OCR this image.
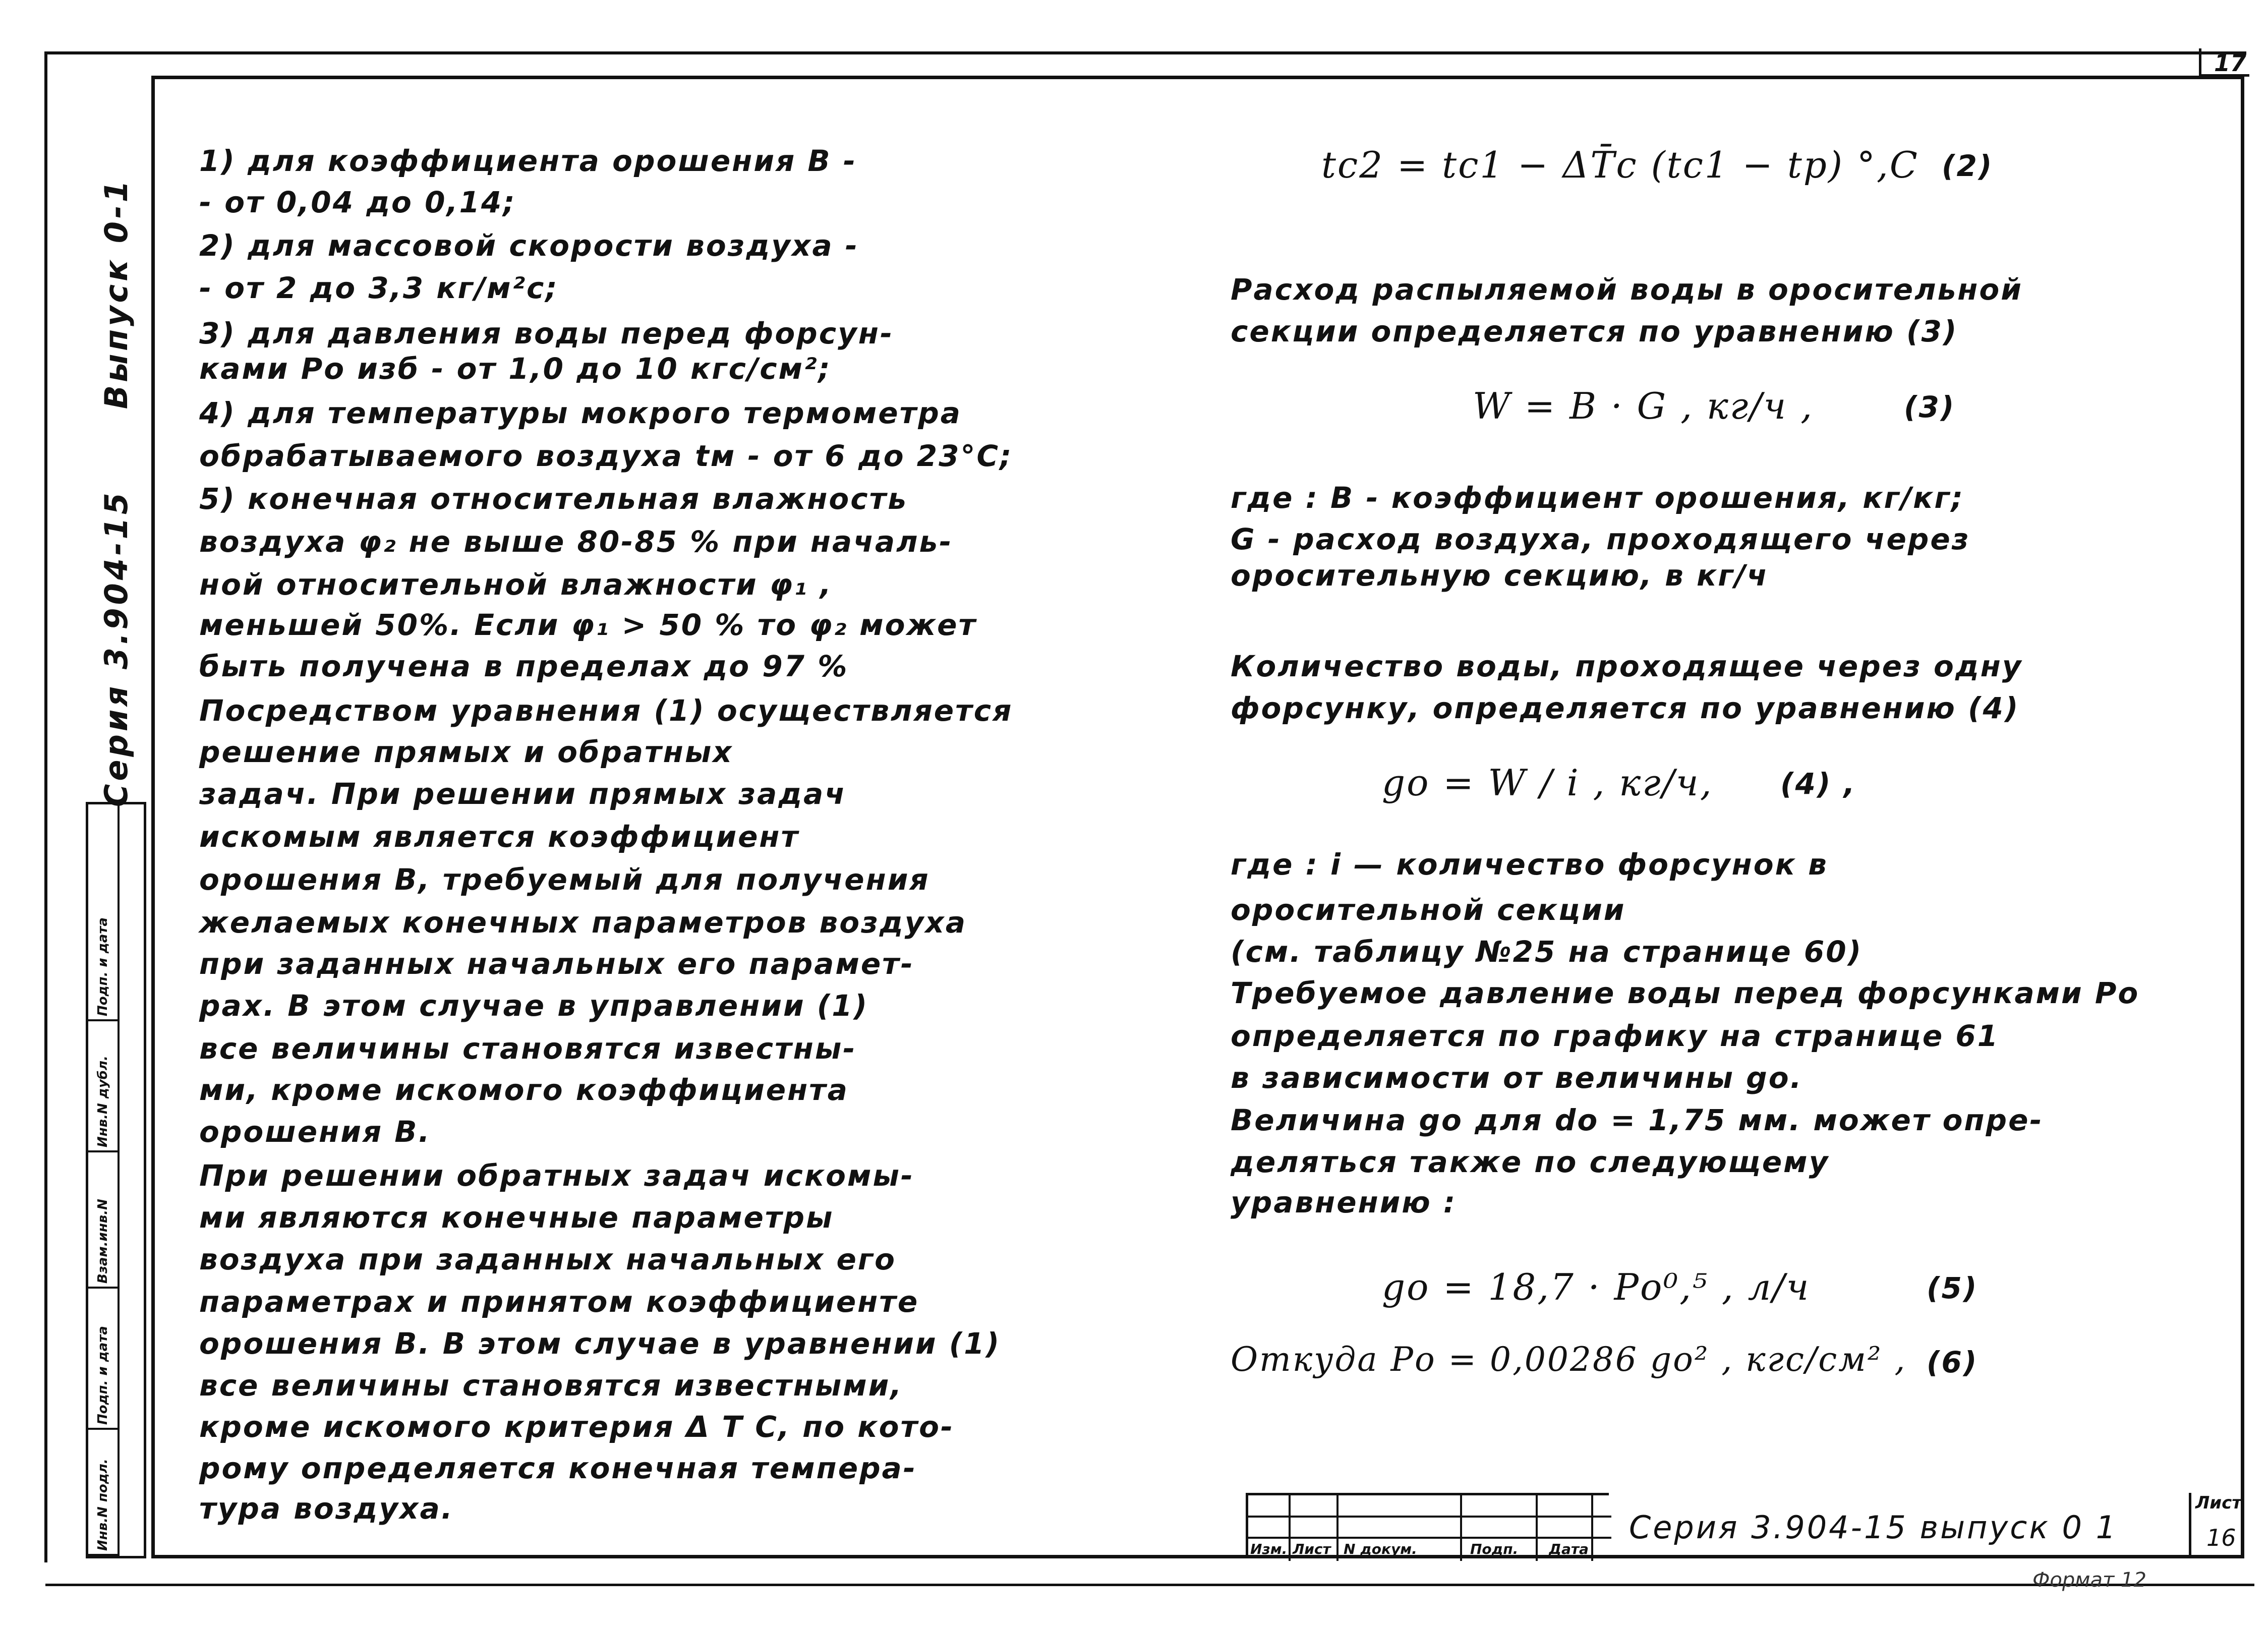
17
Серия 3.904-15
Выпуск 0-1
Инв.N подл.
Подп. и дата
Взам.инв.N
Инв.N дубл.
Подп. и дата
1) для коэффициента орошения В -
- от 0,04 до 0,14;
2) для массовой скорости воздуха -
- от 2 до 3,3 кг/м²с;
3) для давления воды перед форсун-
ками Ро изб - от 1,0 до 10 кгс/см²;
4) для температуры мокрого термометра
обрабатываемого воздуха tм - от 6 до 23°С;
5) конечная относительная влажность
воздуха φ₂ не выше 80-85 % при началь-
ной относительной влажности φ₁ ,
меньшей 50%. Если φ₁ > 50 % то φ₂ может
быть получена в пределах до 97 %
Посредством уравнения (1) осуществляется
решение прямых и обратных
задач. При решении прямых задач
искомым является коэффициент
орошения В, требуемый для получения
желаемых конечных параметров воздуха
при заданных начальных его парамет-
рах. В этом случае в управлении (1)
все величины становятся известны-
ми, кроме искомого коэффициента
орошения В.
При решении обратных задач искомы-
ми являются конечные параметры
воздуха при заданных начальных его
параметрах и принятом коэффициенте
орошения В. В этом случае в уравнении (1)
все величины становятся известными,
кроме искомого критерия Δ T С, по кото-
рому определяется конечная темпера-
тура воздуха.
tс2 = tс1 − ΔT̄с (tс1 − tр) °,С (2)
Расход распыляемой воды в оросительной
секции определяется по уравнению (3)
W = B · G , кг/ч ,	(3)
где : В - коэффициент орошения, кг/кг;
G - расход воздуха, проходящего через
оросительную секцию, в кг/ч
Количество воды, проходящее через одну
форсунку, определяется по уравнению (4)
gо = W / i , кг/ч, (4) ,
где : i — количество форсунок в
оросительной секции
(см. таблицу №25 на странице 60)
Требуемое давление воды перед форсунками Ро
определяется по графику на странице 61
в зависимости от величины gо.
Величина gо для dо = 1,75 мм. может опре-
деляться также по следующему
уравнению :
gо = 18,7 · Pо⁰,⁵ , л/ч	(5)
Откуда Pо = 0,00286 gо² , кгс/см² , (6)
Изм. Лист N докум.	Подп.	Дата
Серия 3.904-15 выпуск 0 1
Лист
16
Формат 12
